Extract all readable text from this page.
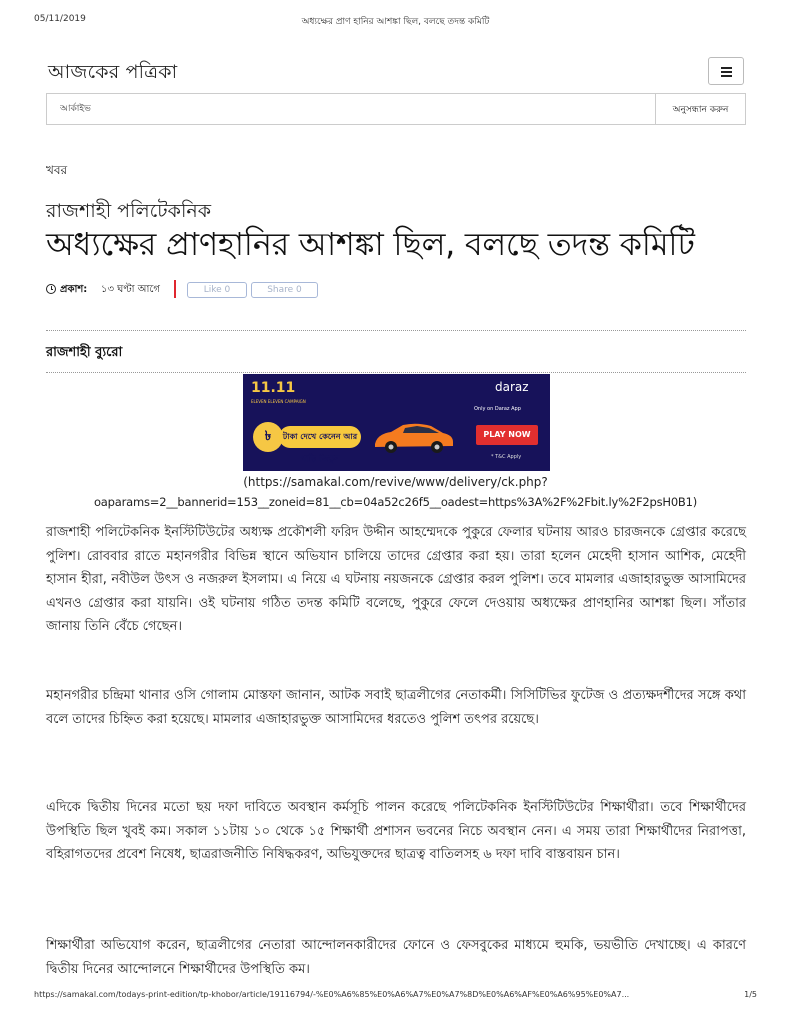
05/11/2019	অধ্যক্ষের প্রাণ হানির আশঙ্কা ছিল, বলছে তদন্ত কমিটি
আজকের পত্রিকা
আর্কাইভ
অনুসন্ধান করুন
খবর
রাজশাহী পলিটেকনিক
অধ্যক্ষের প্রাণহানির আশঙ্কা ছিল, বলছে তদন্ত কমিটি
প্রকাশ: ১৩ ঘণ্টা আগে	Like 0	Share 0
রাজশাহী ব্যুরো
11.11
ELEVEN ELEVEN CAMPAIGN
৳	টাকা দেখে কেনেন আর গাড়ি জিতুন
daraz
Only on Daraz App
PLAY NOW
* T&C Apply
(https://samakal.com/revive/www/delivery/ck.php?
oaparams=2__bannerid=153__zoneid=81__cb=04a52c26f5__oadest=https%3A%2F%2Fbit.ly%2F2psH0B1)

রাজশাহী পলিটেকনিক ইনস্টিটিউটের অধ্যক্ষ প্রকৌশলী ফরিদ উদ্দীন আহম্মেদকে পুকুরে ফেলার ঘটনায় আরও চারজনকে গ্রেপ্তার করেছে পুলিশ। রোববার রাতে মহানগরীর বিভিন্ন স্থানে অভিযান চালিয়ে তাদের গ্রেপ্তার করা হয়। তারা হলেন মেহেদী হাসান আশিক, মেহেদী হাসান হীরা, নবীউল উৎস ও নজরুল ইসলাম। এ নিয়ে এ ঘটনায় নয়জনকে গ্রেপ্তার করল পুলিশ। তবে মামলার এজাহারভুক্ত আসামিদের এখনও গ্রেপ্তার করা যায়নি। ওই ঘটনায় গঠিত তদন্ত কমিটি বলেছে, পুকুরে ফেলে দেওয়ায় অধ্যক্ষের প্রাণহানির আশঙ্কা ছিল। সাঁতার জানায় তিনি বেঁচে গেছেন।

মহানগরীর চন্দ্রিমা থানার ওসি গোলাম মোস্তফা জানান, আটক সবাই ছাত্রলীগের নেতাকর্মী। সিসিটিভির ফুটেজ ও প্রত্যক্ষদর্শীদের সঙ্গে কথা বলে তাদের চিহ্নিত করা হয়েছে। মামলার এজাহারভুক্ত আসামিদের ধরতেও পুলিশ তৎপর রয়েছে।

এদিকে দ্বিতীয় দিনের মতো ছয় দফা দাবিতে অবস্থান কর্মসূচি পালন করেছে পলিটেকনিক ইনস্টিটিউটের শিক্ষার্থীরা। তবে শিক্ষার্থীদের উপস্থিতি ছিল খুবই কম। সকাল ১১টায় ১০ থেকে ১৫ শিক্ষার্থী প্রশাসন ভবনের নিচে অবস্থান নেন। এ সময় তারা শিক্ষার্থীদের নিরাপত্তা, বহিরাগতদের প্রবেশ নিষেধ, ছাত্ররাজনীতি নিষিদ্ধকরণ, অভিযুক্তদের ছাত্রত্ব বাতিলসহ ৬ দফা দাবি বাস্তবায়ন চান।

শিক্ষার্থীরা অভিযোগ করেন, ছাত্রলীগের নেতারা আন্দোলনকারীদের ফোনে ও ফেসবুকের মাধ্যমে হুমকি, ভয়ভীতি দেখাচ্ছে। এ কারণে দ্বিতীয় দিনের আন্দোলনে শিক্ষার্থীদের উপস্থিতি কম।

https://samakal.com/todays-print-edition/tp-khobor/article/19116794/-%E0%A6%85%E0%A6%A7%E0%A7%8D%E0%A6%AF%E0%A6%95%E0%A7...	1/5
